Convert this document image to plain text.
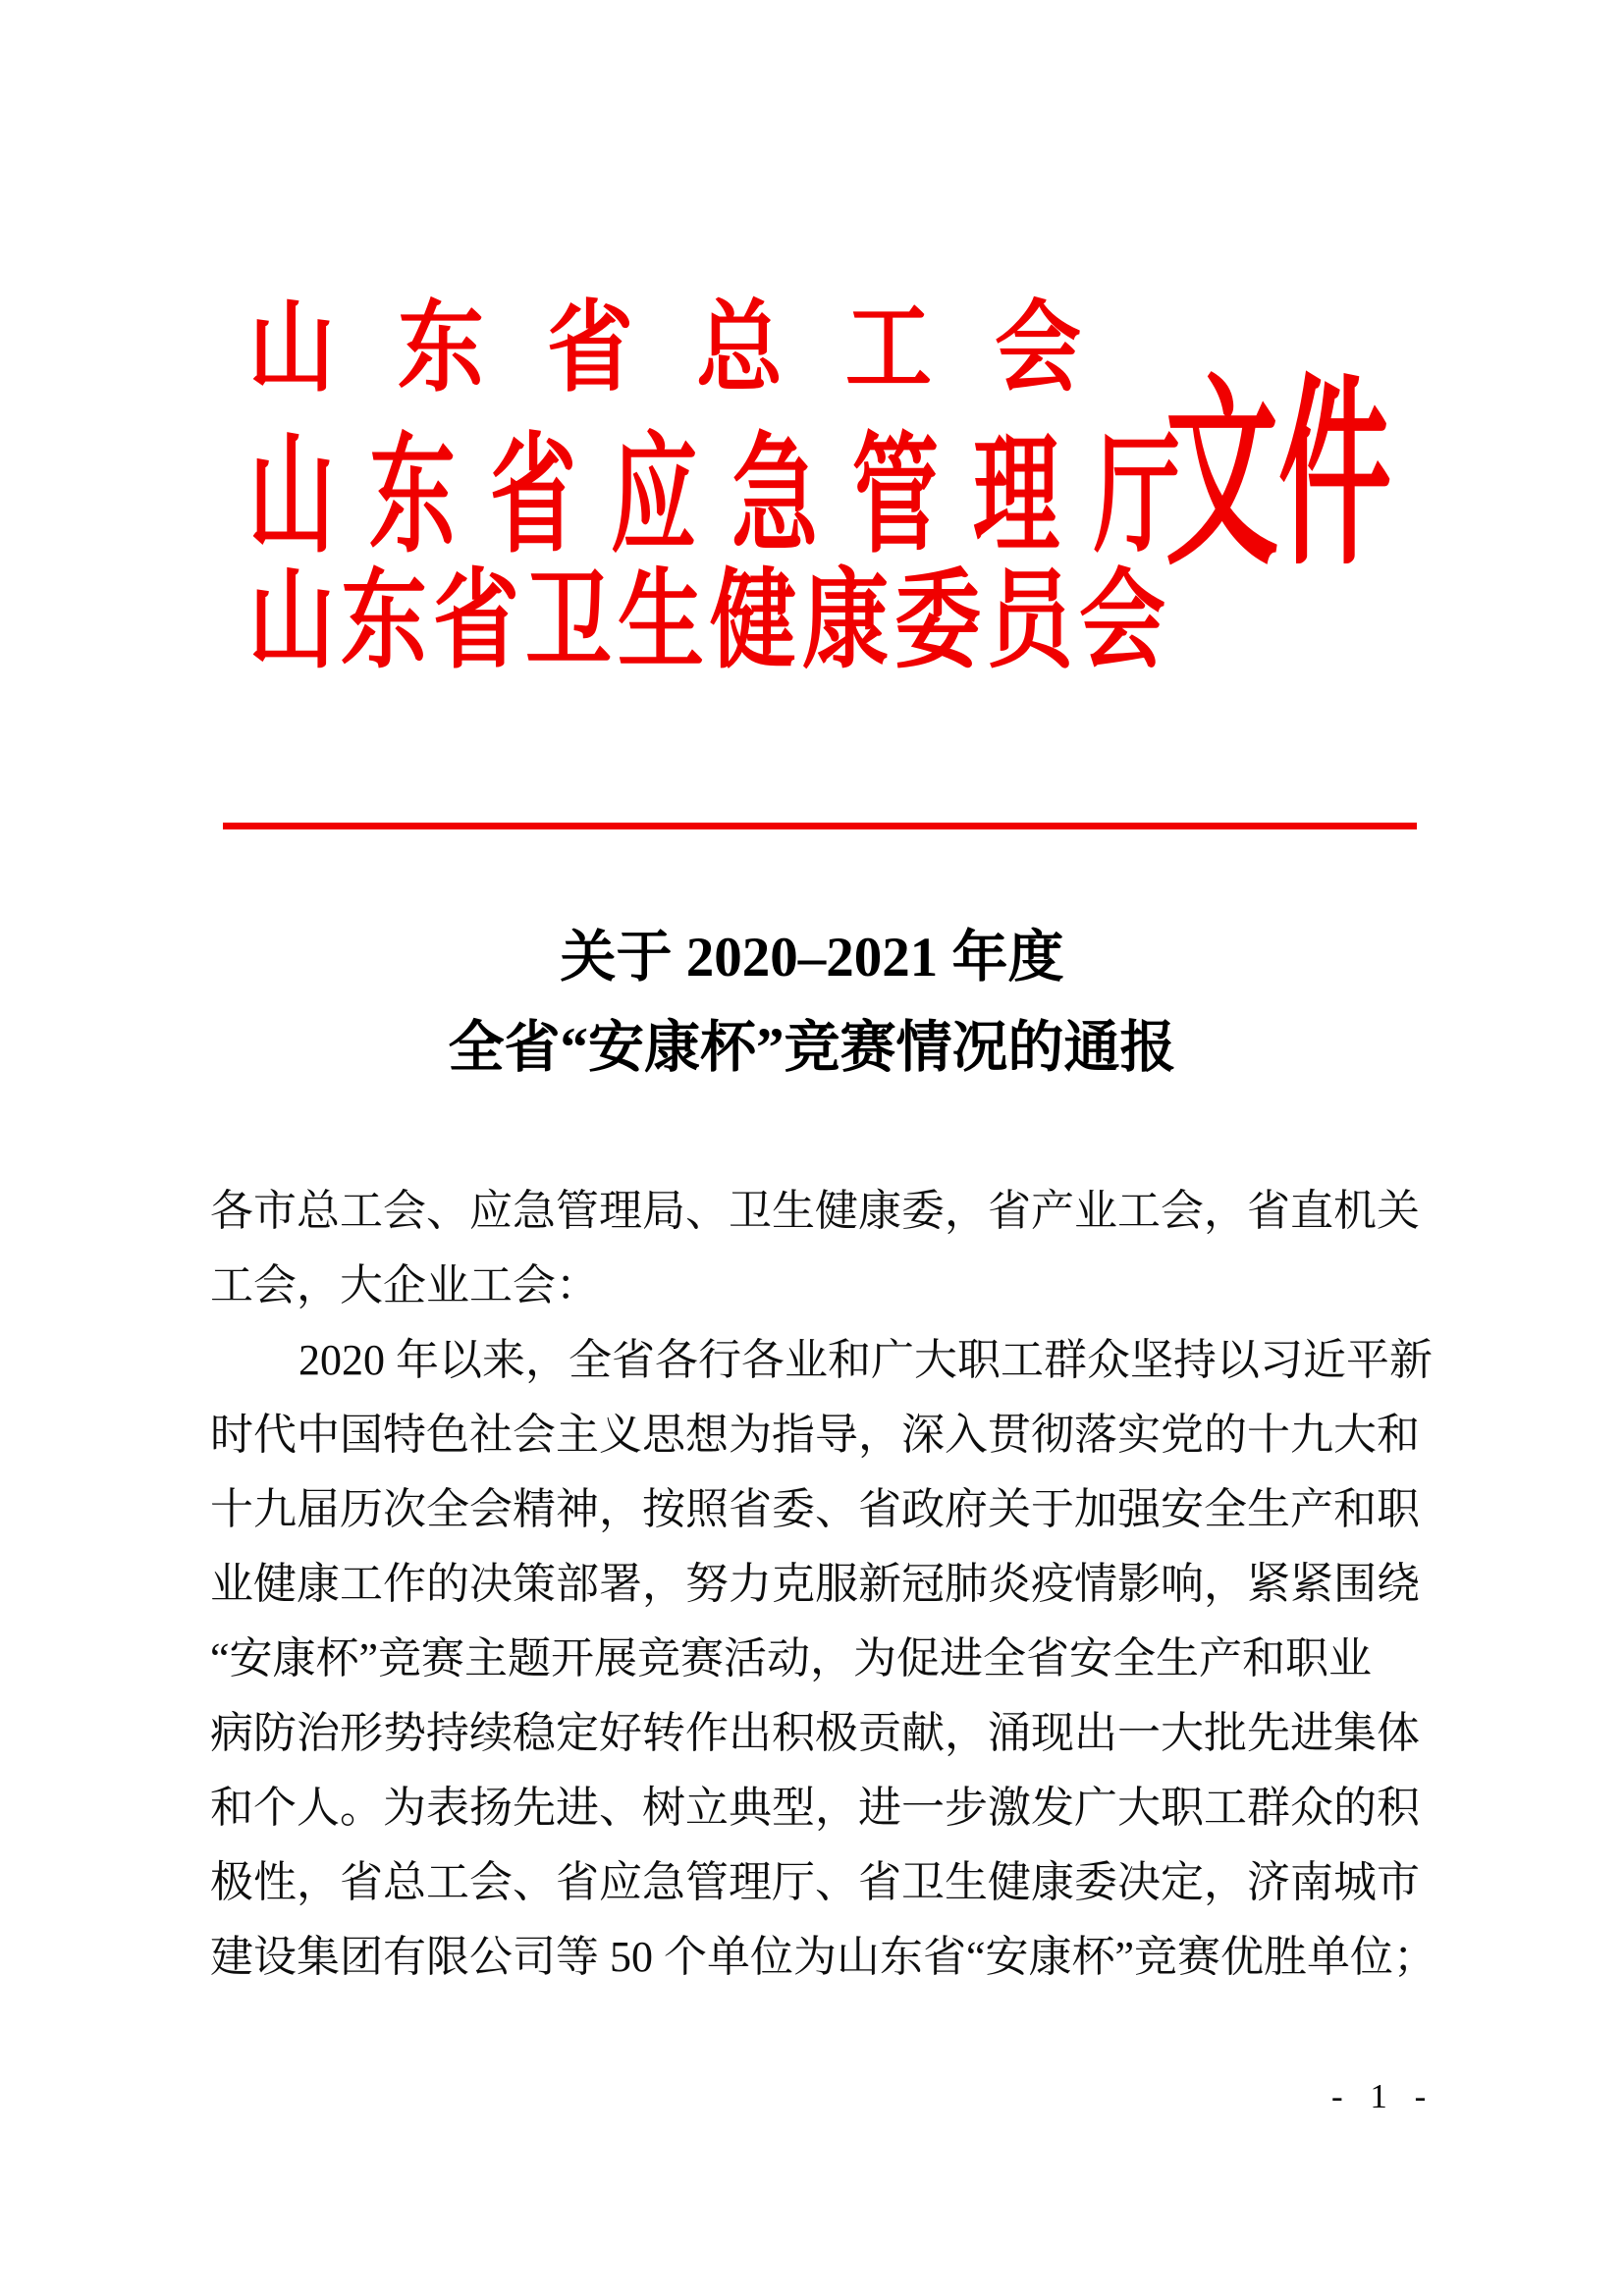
山东省总工会
山东省应急管理厅
山东省卫生健康委员会
文件
关于 2020–2021 年度
全省“安康杯”竞赛情况的通报
各市总工会、应急管理局、卫生健康委，省产业工会，省直机关
工会，大企业工会：
2020 年以来，全省各行各业和广大职工群众坚持以习近平新
时代中国特色社会主义思想为指导，深入贯彻落实党的十九大和
十九届历次全会精神，按照省委、省政府关于加强安全生产和职
业健康工作的决策部署，努力克服新冠肺炎疫情影响，紧紧围绕
“安康杯”竞赛主题开展竞赛活动，为促进全省安全生产和职业
病防治形势持续稳定好转作出积极贡献，涌现出一大批先进集体
和个人。为表扬先进、树立典型，进一步激发广大职工群众的积
极性，省总工会、省应急管理厅、省卫生健康委决定，济南城市
建设集团有限公司等 50 个单位为山东省“安康杯”竞赛优胜单位；
- 1 -
